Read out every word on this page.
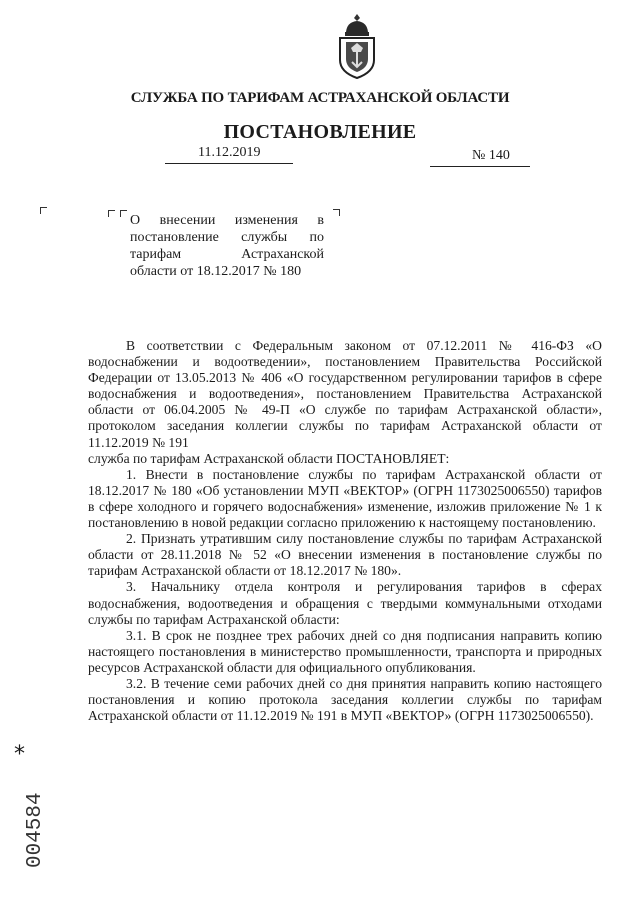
СЛУЖБА ПО ТАРИФАМ АСТРАХАНСКОЙ ОБЛАСТИ
ПОСТАНОВЛЕНИЕ
11.12.2019	№ 140
О внесении изменения в
постановление службы по
тарифам Астраханской
области от 18.12.2017 № 180

В соответствии с Федеральным законом от 07.12.2011 № 416-ФЗ «О водоснабжении и водоотведении», постановлением Правительства Российской Федерации от 13.05.2013 № 406 «О государственном регулировании тарифов в сфере водоснабжения и водоотведения», постановлением Правительства Астраханской области от 06.04.2005 № 49-П «О службе по тарифам Астраханской области», протоколом заседания коллегии службы по тарифам Астраханской области от 11.12.2019 № 191

служба по тарифам Астраханской области ПОСТАНОВЛЯЕТ:

1. Внести в постановление службы по тарифам Астраханской области от 18.12.2017 № 180 «Об установлении МУП «ВЕКТОР» (ОГРН 1173025006550) тарифов в сфере холодного и горячего водоснабжения» изменение, изложив приложение № 1 к постановлению в новой редакции согласно приложению к настоящему постановлению.

2. Признать утратившим силу постановление службы по тарифам Астраханской области от 28.11.2018 № 52 «О внесении изменения в постановление службы по тарифам Астраханской области от 18.12.2017 № 180».

3. Начальнику отдела контроля и регулирования тарифов в сферах водоснабжения, водоотведения и обращения с твердыми коммунальными отходами службы по тарифам Астраханской области:

3.1. В срок не позднее трех рабочих дней со дня подписания направить копию настоящего постановления в министерство промышленности, транспорта и природных ресурсов Астраханской области для официального опубликования.

3.2. В течение семи рабочих дней со дня принятия направить копию настоящего постановления и копию протокола заседания коллегии службы по тарифам Астраханской области от 11.12.2019 № 191 в МУП «ВЕКТОР» (ОГРН 1173025006550).

*
004584
